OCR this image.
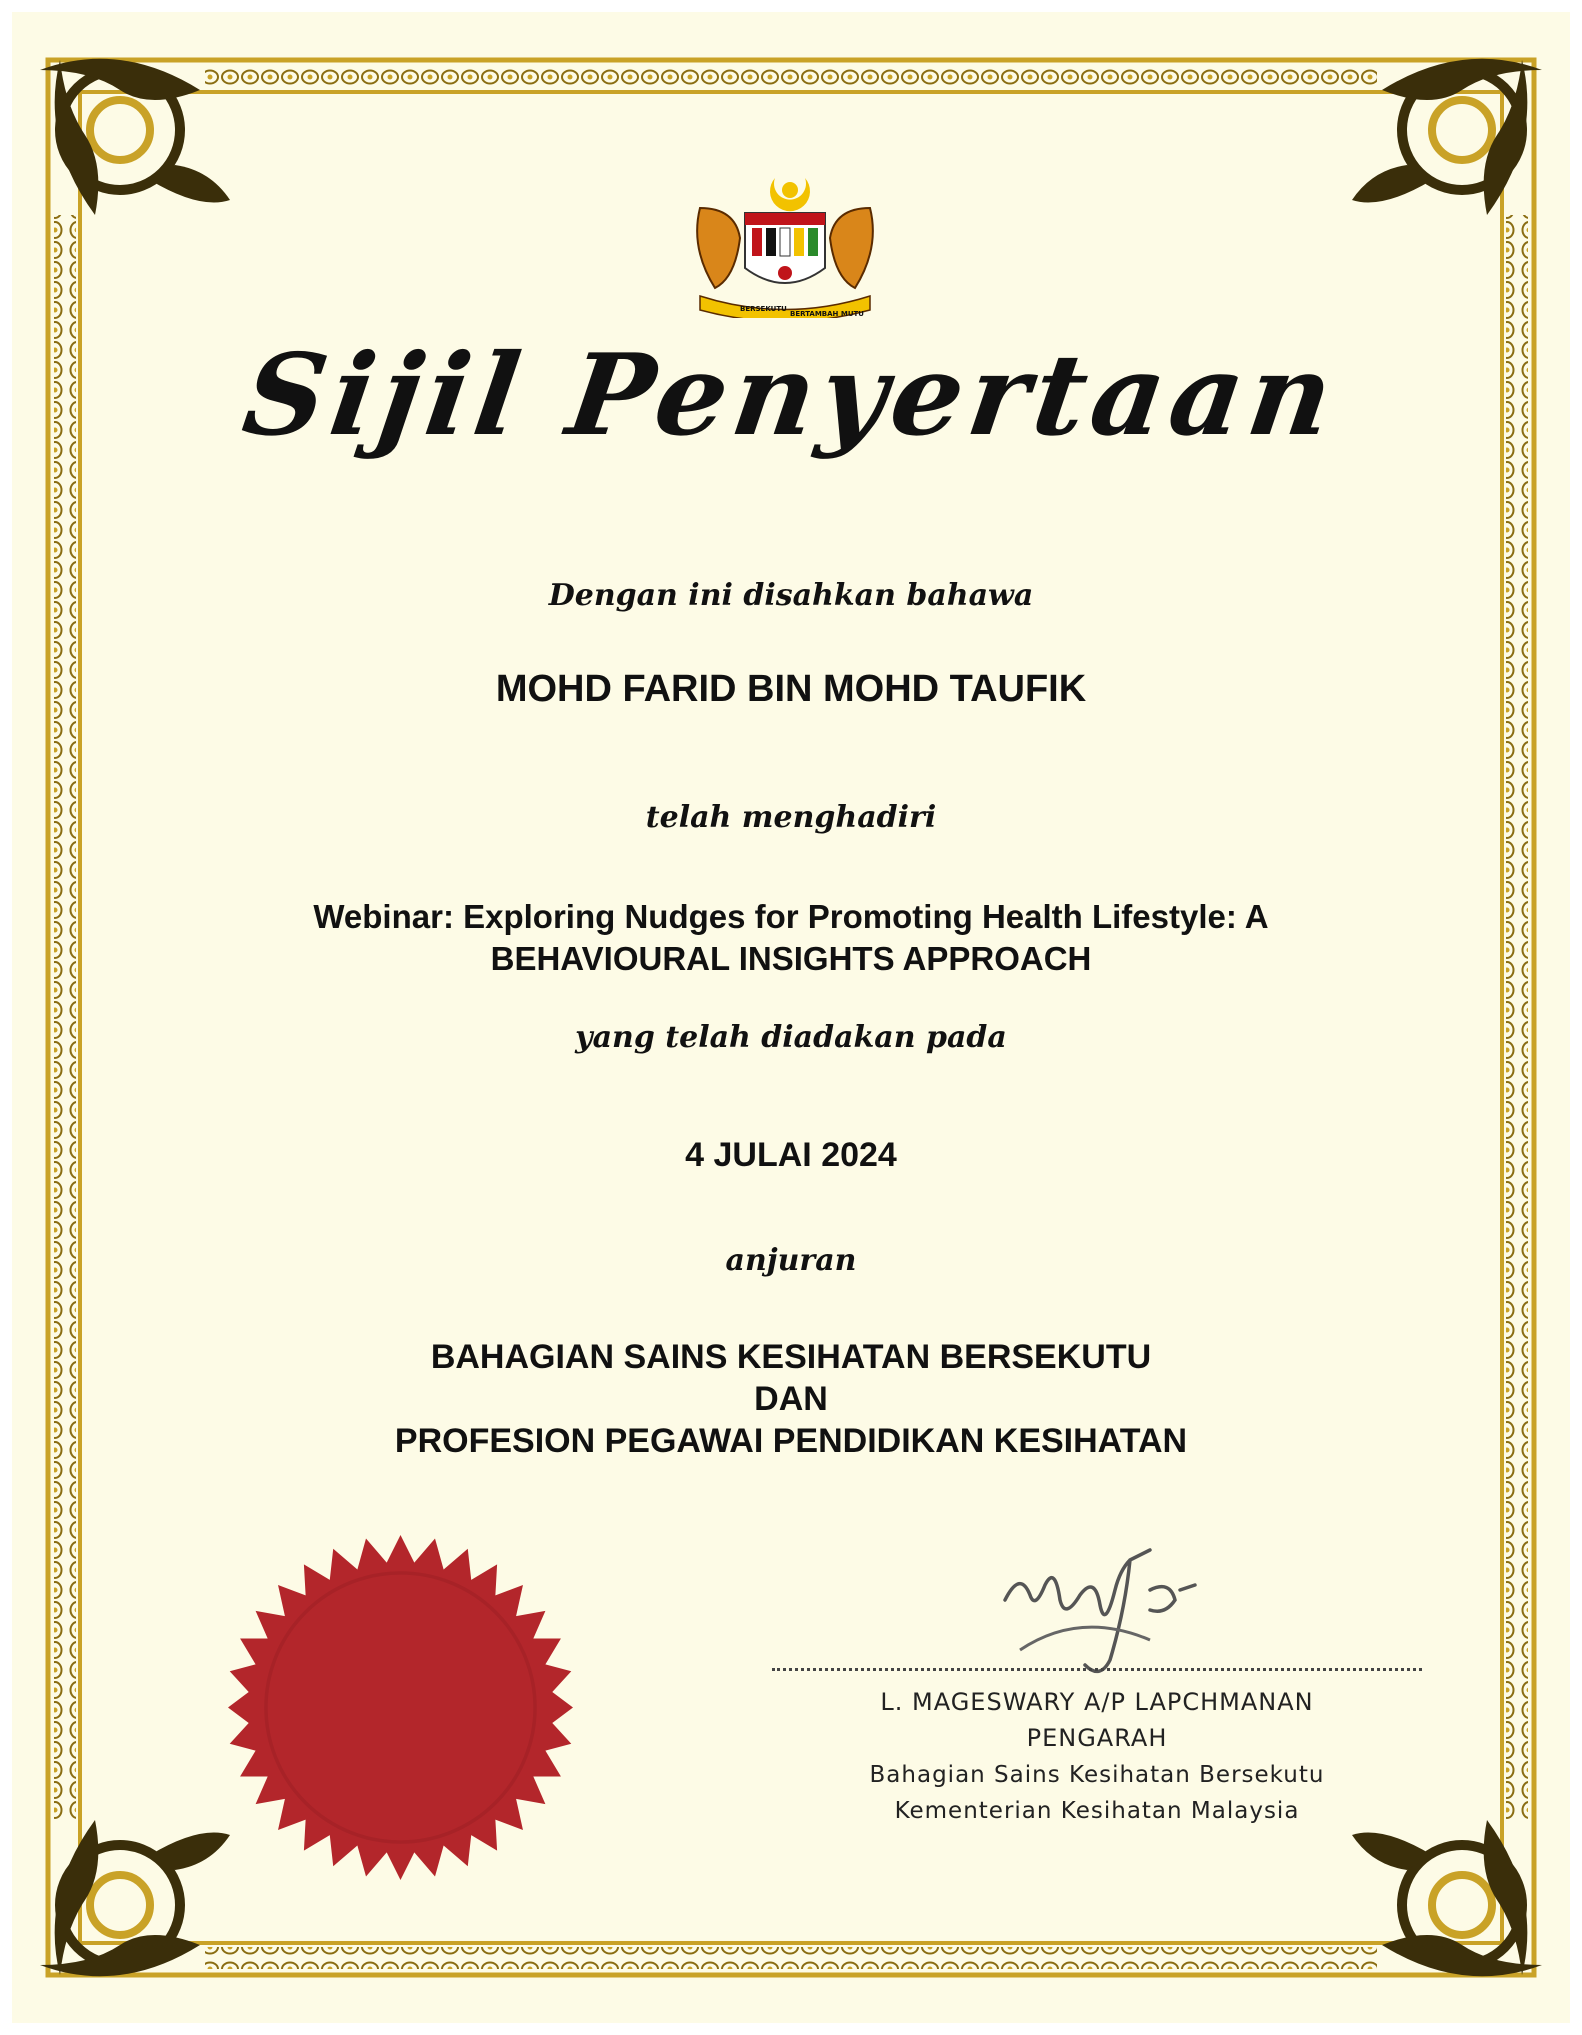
BERSEKUTU
BERTAMBAH MUTU
Sijil Penyertaan
Dengan ini disahkan bahawa
MOHD FARID BIN MOHD TAUFIK
telah menghadiri
Webinar: Exploring Nudges for Promoting Health Lifestyle: A
BEHAVIOURAL INSIGHTS APPROACH
yang telah diadakan pada
4 JULAI 2024
anjuran
BAHAGIAN SAINS KESIHATAN BERSEKUTU
DAN
PROFESION PEGAWAI PENDIDIKAN KESIHATAN
L. MAGESWARY A/P LAPCHMANAN
PENGARAH
Bahagian Sains Kesihatan Bersekutu
Kementerian Kesihatan Malaysia
